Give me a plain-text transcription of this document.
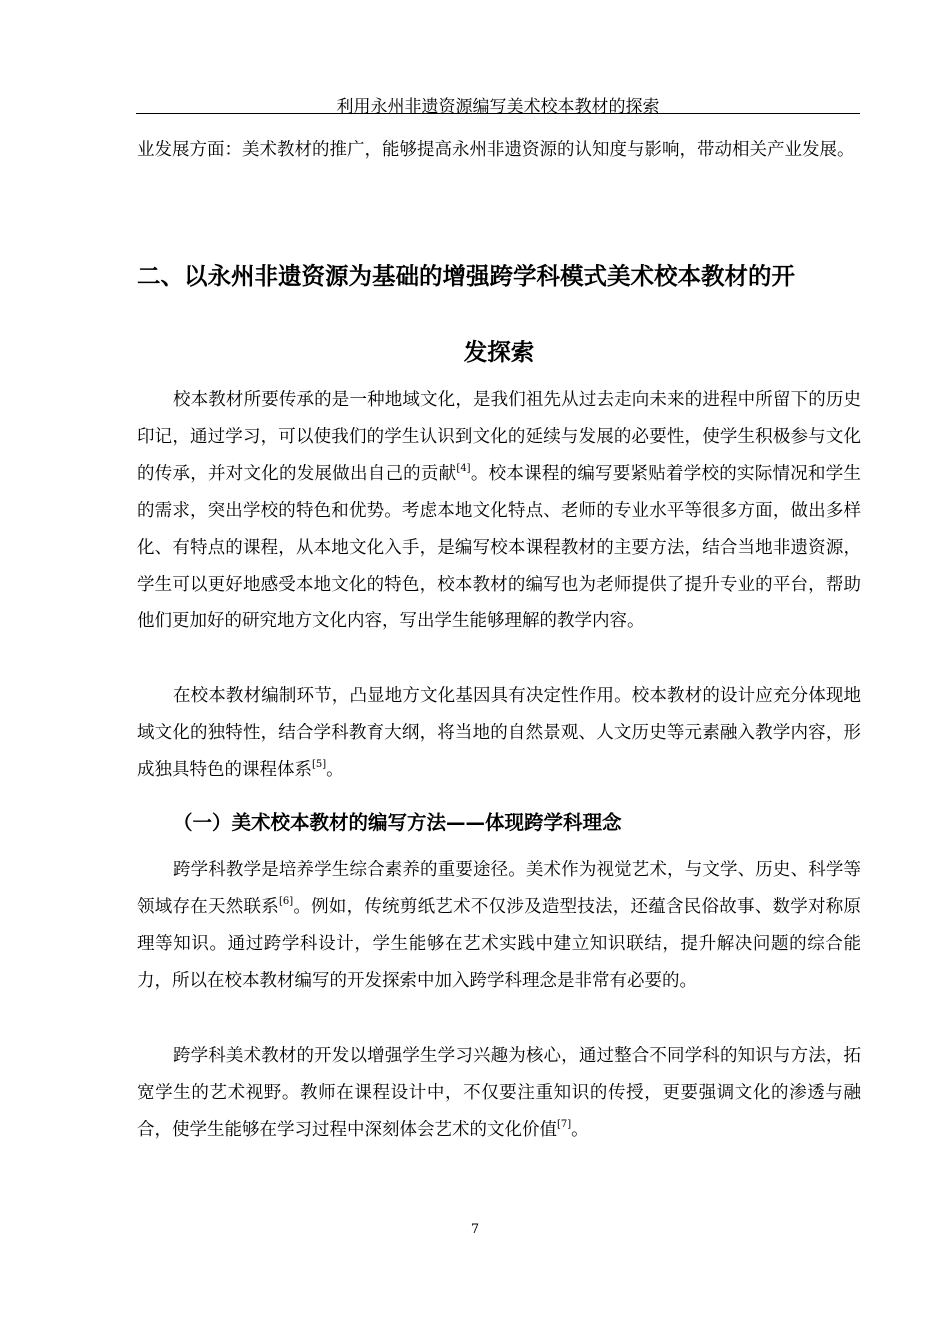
利用永州非遗资源编写美术校本教材的探索

业发展方面：美术教材的推广，能够提高永州非遗资源的认知度与影响，带动相关产业发展。

二、以永州非遗资源为基础的增强跨学科模式美术校本教材的开
发探索

校本教材所要传承的是一种地域文化，是我们祖先从过去走向未来的进程中所留下的历史印记，通过学习，可以使我们的学生认识到文化的延续与发展的必要性，使学生积极参与文化的传承，并对文化的发展做出自己的贡献[4]。校本课程的编写要紧贴着学校的实际情况和学生的需求，突出学校的特色和优势。考虑本地文化特点、老师的专业水平等很多方面，做出多样化、有特点的课程，从本地文化入手，是编写校本课程教材的主要方法，结合当地非遗资源，学生可以更好地感受本地文化的特色，校本教材的编写也为老师提供了提升专业的平台，帮助他们更加好的研究地方文化内容，写出学生能够理解的教学内容。

在校本教材编制环节，凸显地方文化基因具有决定性作用。校本教材的设计应充分体现地域文化的独特性，结合学科教育大纲，将当地的自然景观、人文历史等元素融入教学内容，形成独具特色的课程体系[5]。

（一）美术校本教材的编写方法——体现跨学科理念

跨学科教学是培养学生综合素养的重要途径。美术作为视觉艺术，与文学、历史、科学等领域存在天然联系[6]。例如，传统剪纸艺术不仅涉及造型技法，还蕴含民俗故事、数学对称原理等知识。通过跨学科设计，学生能够在艺术实践中建立知识联结，提升解决问题的综合能力，所以在校本教材编写的开发探索中加入跨学科理念是非常有必要的。

跨学科美术教材的开发以增强学生学习兴趣为核心，通过整合不同学科的知识与方法，拓宽学生的艺术视野。教师在课程设计中，不仅要注重知识的传授，更要强调文化的渗透与融合，使学生能够在学习过程中深刻体会艺术的文化价值[7]。

7
